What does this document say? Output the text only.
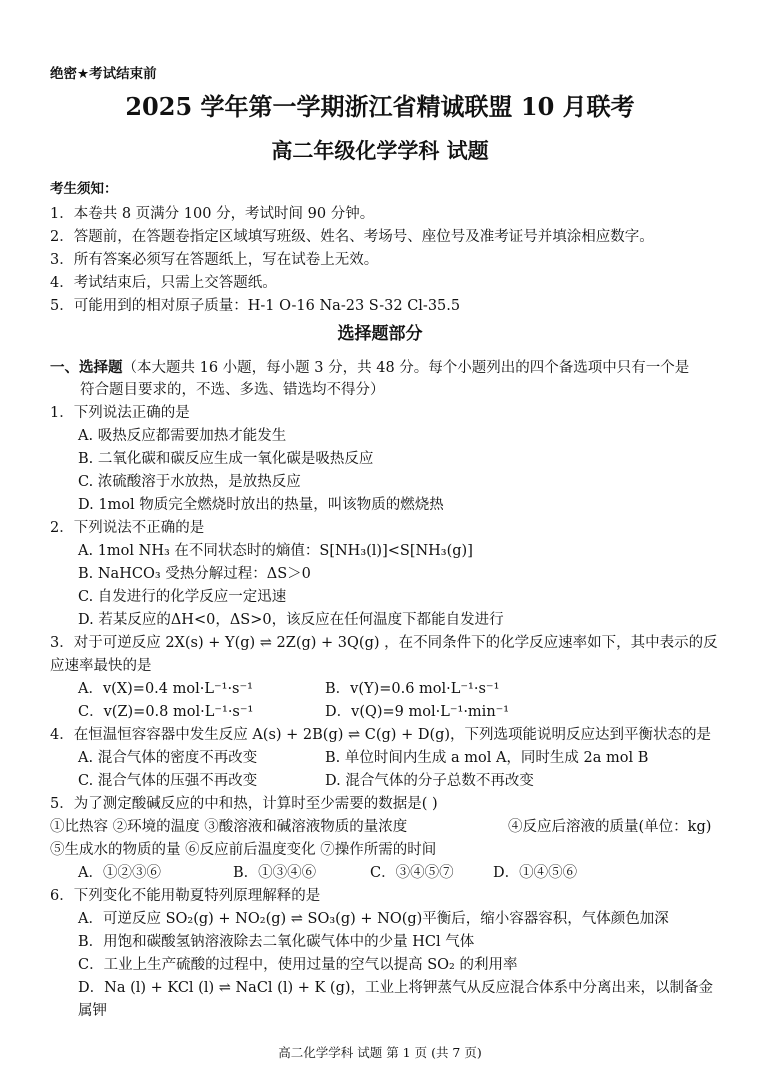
绝密★考试结束前
2025 学年第一学期浙江省精诚联盟 10 月联考
高二年级化学学科 试题
考生须知：
1．本卷共 8 页满分 100 分，考试时间 90 分钟。
2．答题前，在答题卷指定区域填写班级、姓名、考场号、座位号及准考证号并填涂相应数字。
3．所有答案必须写在答题纸上，写在试卷上无效。
4．考试结束后，只需上交答题纸。
5．可能用到的相对原子质量：H-1 O-16 Na-23 S-32 Cl-35.5
选择题部分
一、选择题（本大题共 16 小题，每小题 3 分，共 48 分。每个小题列出的四个备选项中只有一个是
符合题目要求的，不选、多选、错选均不得分）
1．下列说法正确的是
A. 吸热反应都需要加热才能发生
B. 二氧化碳和碳反应生成一氧化碳是吸热反应
C. 浓硫酸溶于水放热，是放热反应
D. 1mol 物质完全燃烧时放出的热量，叫该物质的燃烧热
2．下列说法不正确的是
A. 1mol NH₃ 在不同状态时的熵值：S[NH₃(l)]<S[NH₃(g)]
B. NaHCO₃ 受热分解过程：ΔS＞0
C. 自发进行的化学反应一定迅速
D. 若某反应的ΔH<0，ΔS>0，该反应在任何温度下都能自发进行
3．对于可逆反应 2X(s) + Y(g) ⇌ 2Z(g) + 3Q(g) ，在不同条件下的化学反应速率如下，其中表示的反
应速率最快的是
A．v(X)=0.4 mol·L⁻¹·s⁻¹	B．v(Y)=0.6 mol·L⁻¹·s⁻¹
C．v(Z)=0.8 mol·L⁻¹·s⁻¹	D．v(Q)=9 mol·L⁻¹·min⁻¹
4．在恒温恒容容器中发生反应 A(s) + 2B(g) ⇌ C(g) + D(g)，下列选项能说明反应达到平衡状态的是
A. 混合气体的密度不再改变	B. 单位时间内生成 a mol A，同时生成 2a mol B
C. 混合气体的压强不再改变	D. 混合气体的分子总数不再改变
5．为了测定酸碱反应的中和热，计算时至少需要的数据是( )
①比热容 ②环境的温度 ③酸溶液和碱溶液物质的量浓度	④反应后溶液的质量(单位：kg)
⑤生成水的物质的量 ⑥反应前后温度变化 ⑦操作所需的时间
A．①②③⑥	B．①③④⑥	C．③④⑤⑦	D．①④⑤⑥
6．下列变化不能用勒夏特列原理解释的是
A．可逆反应 SO₂(g) + NO₂(g) ⇌ SO₃(g) + NO(g)平衡后，缩小容器容积，气体颜色加深
B．用饱和碳酸氢钠溶液除去二氧化碳气体中的少量 HCl 气体
C．工业上生产硫酸的过程中，使用过量的空气以提高 SO₂ 的利用率
D．Na (l) + KCl (l) ⇌ NaCl (l) + K (g)，工业上将钾蒸气从反应混合体系中分离出来，以制备金
属钾
高二化学学科 试题 第 1 页 (共 7 页)
